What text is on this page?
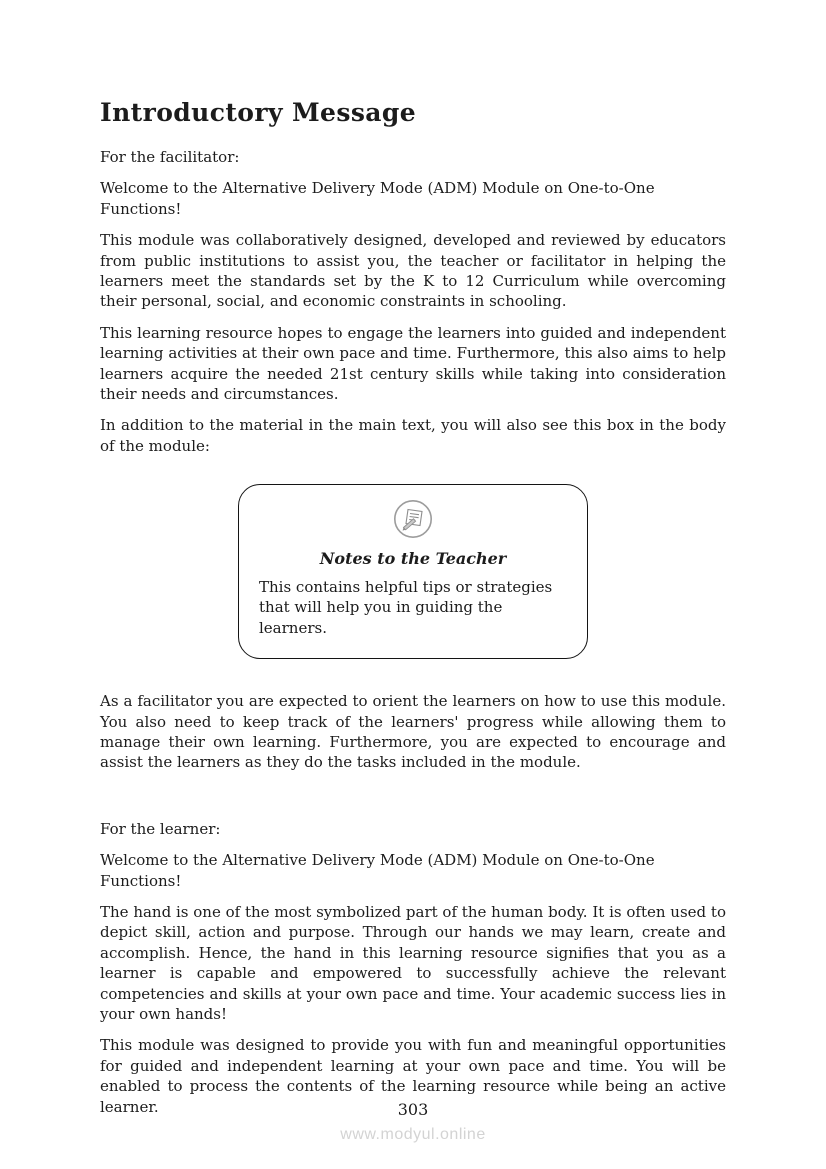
Introductory Message

For the facilitator:

Welcome to the Alternative Delivery Mode (ADM) Module on One-to-One Functions!

This module was collaboratively designed, developed and reviewed by educators from public institutions to assist you, the teacher or facilitator in helping the learners meet the standards set by the K to 12 Curriculum while overcoming their personal, social, and economic constraints in schooling.

This learning resource hopes to engage the learners into guided and independent learning activities at their own pace and time. Furthermore, this also aims to help learners acquire the needed 21st century skills while taking into consideration their needs and circumstances.

In addition to the material in the main text, you will also see this box in the body of the module:

Notes to the Teacher
This contains helpful tips or strategies that will help you in guiding the learners.

As a facilitator you are expected to orient the learners on how to use this module. You also need to keep track of the learners' progress while allowing them to manage their own learning. Furthermore, you are expected to encourage and assist the learners as they do the tasks included in the module.

For the learner:

Welcome to the Alternative Delivery Mode (ADM) Module on One-to-One Functions!

The hand is one of the most symbolized part of the human body. It is often used to depict skill, action and purpose. Through our hands we may learn, create and accomplish. Hence, the hand in this learning resource signifies that you as a learner is capable and empowered to successfully achieve the relevant competencies and skills at your own pace and time. Your academic success lies in your own hands!

This module was designed to provide you with fun and meaningful opportunities for guided and independent learning at your own pace and time. You will be enabled to process the contents of the learning resource while being an active learner.	303
www.modyul.online
